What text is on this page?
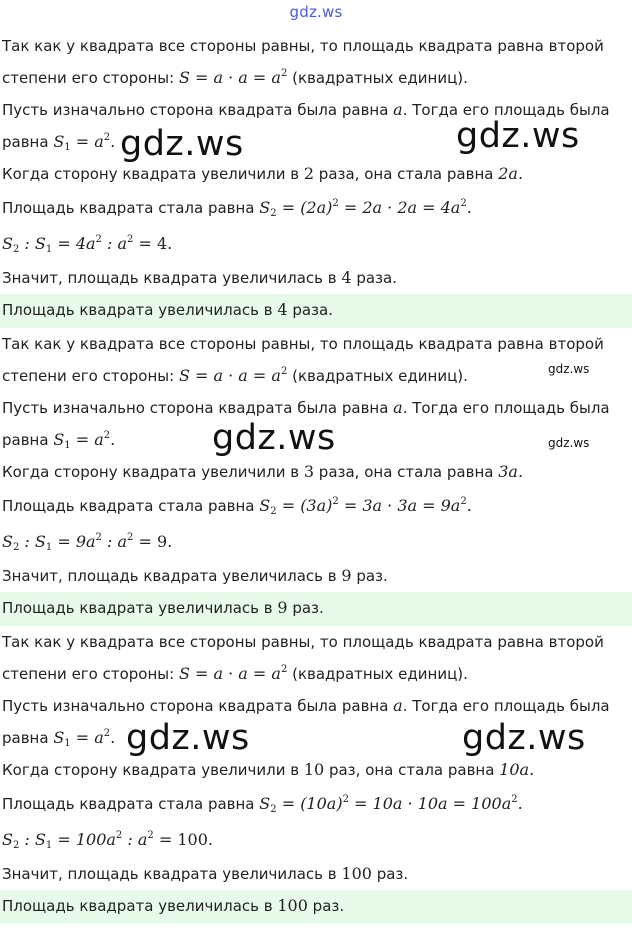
gdz.ws
Так как у квадрата все стороны равны, то площадь квадрата равна второй
степени его стороны: $S = a \cdot a = a^2$ (квадратных единиц).
Пусть изначально сторона квадрата была равна a. Тогда его площадь была
равна $S_1 = a^2$.
Когда сторону квадрата увеличили в 2 раза, она стала равна 2a.
Площадь квадрата стала равна $S_2 = (2a)^2 = 2a \cdot 2a = 4a^2$.
$S_2$ : $S_1 = 4a^2$ : $a^2 = 4$.
Значит, площадь квадрата увеличилась в 4 раза.
Площадь квадрата увеличилась в 4 раза.
Так как у квадрата все стороны равны, то площадь квадрата равна второй
степени его стороны: $S = a \cdot a = a^2$ (квадратных единиц).
Пусть изначально сторона квадрата была равна a. Тогда его площадь была
равна $S_1 = a^2$.
Когда сторону квадрата увеличили в 3 раза, она стала равна 3a.
Площадь квадрата стала равна $S_2 = (3a)^2 = 3a \cdot 3a = 9a^2$.
$S_2$ : $S_1 = 9a^2$ : $a^2 = 9$.
Значит, площадь квадрата увеличилась в 9 раз.
Площадь квадрата увеличилась в 9 раз.
Так как у квадрата все стороны равны, то площадь квадрата равна второй
степени его стороны: $S = a \cdot a = a^2$ (квадратных единиц).
Пусть изначально сторона квадрата была равна a. Тогда его площадь была
равна $S_1 = a^2$.
Когда сторону квадрата увеличили в 10 раз, она стала равна 10a.
Площадь квадрата стала равна $S_2 = (10a)^2 = 10a \cdot 10a = 100a^2$.
$S_2$ : $S_1 = 100a^2$ : $a^2 = 100$.
Значит, площадь квадрата увеличилась в 100 раз.
Площадь квадрата увеличилась в 100 раз.
gdz.ws	gdz.ws
gdz.ws
gdz.ws	gdz.ws
gdz.ws	gdz.ws
